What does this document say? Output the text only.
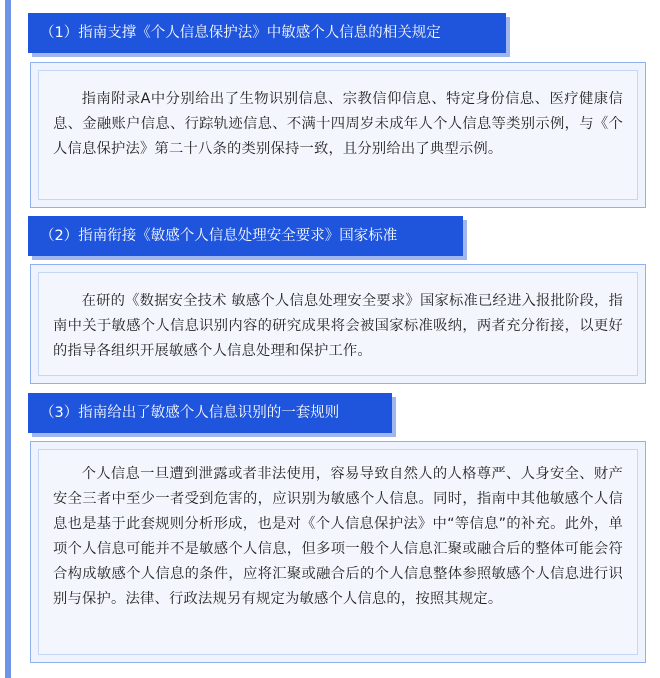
（1）指南支撑《个人信息保护法》中敏感个人信息的相关规定
指南附录A中分别给出了生物识别信息、宗教信仰信息、特定身份信息、医疗健康信息、金融账户信息、行踪轨迹信息、不满十四周岁未成年人个人信息等类别示例，与《个人信息保护法》第二十八条的类别保持一致，且分别给出了典型示例。
（2）指南衔接《敏感个人信息处理安全要求》国家标准
在研的《数据安全技术 敏感个人信息处理安全要求》国家标准已经进入报批阶段，指南中关于敏感个人信息识别内容的研究成果将会被国家标准吸纳，两者充分衔接，以更好的指导各组织开展敏感个人信息处理和保护工作。
（3）指南给出了敏感个人信息识别的一套规则
个人信息一旦遭到泄露或者非法使用，容易导致自然人的人格尊严、人身安全、财产安全三者中至少一者受到危害的，应识别为敏感个人信息。同时，指南中其他敏感个人信息也是基于此套规则分析形成，也是对《个人信息保护法》中“等信息”的补充。此外，单项个人信息可能并不是敏感个人信息，但多项一般个人信息汇聚或融合后的整体可能会符合构成敏感个人信息的条件，应将汇聚或融合后的个人信息整体参照敏感个人信息进行识别与保护。法律、行政法规另有规定为敏感个人信息的，按照其规定。
